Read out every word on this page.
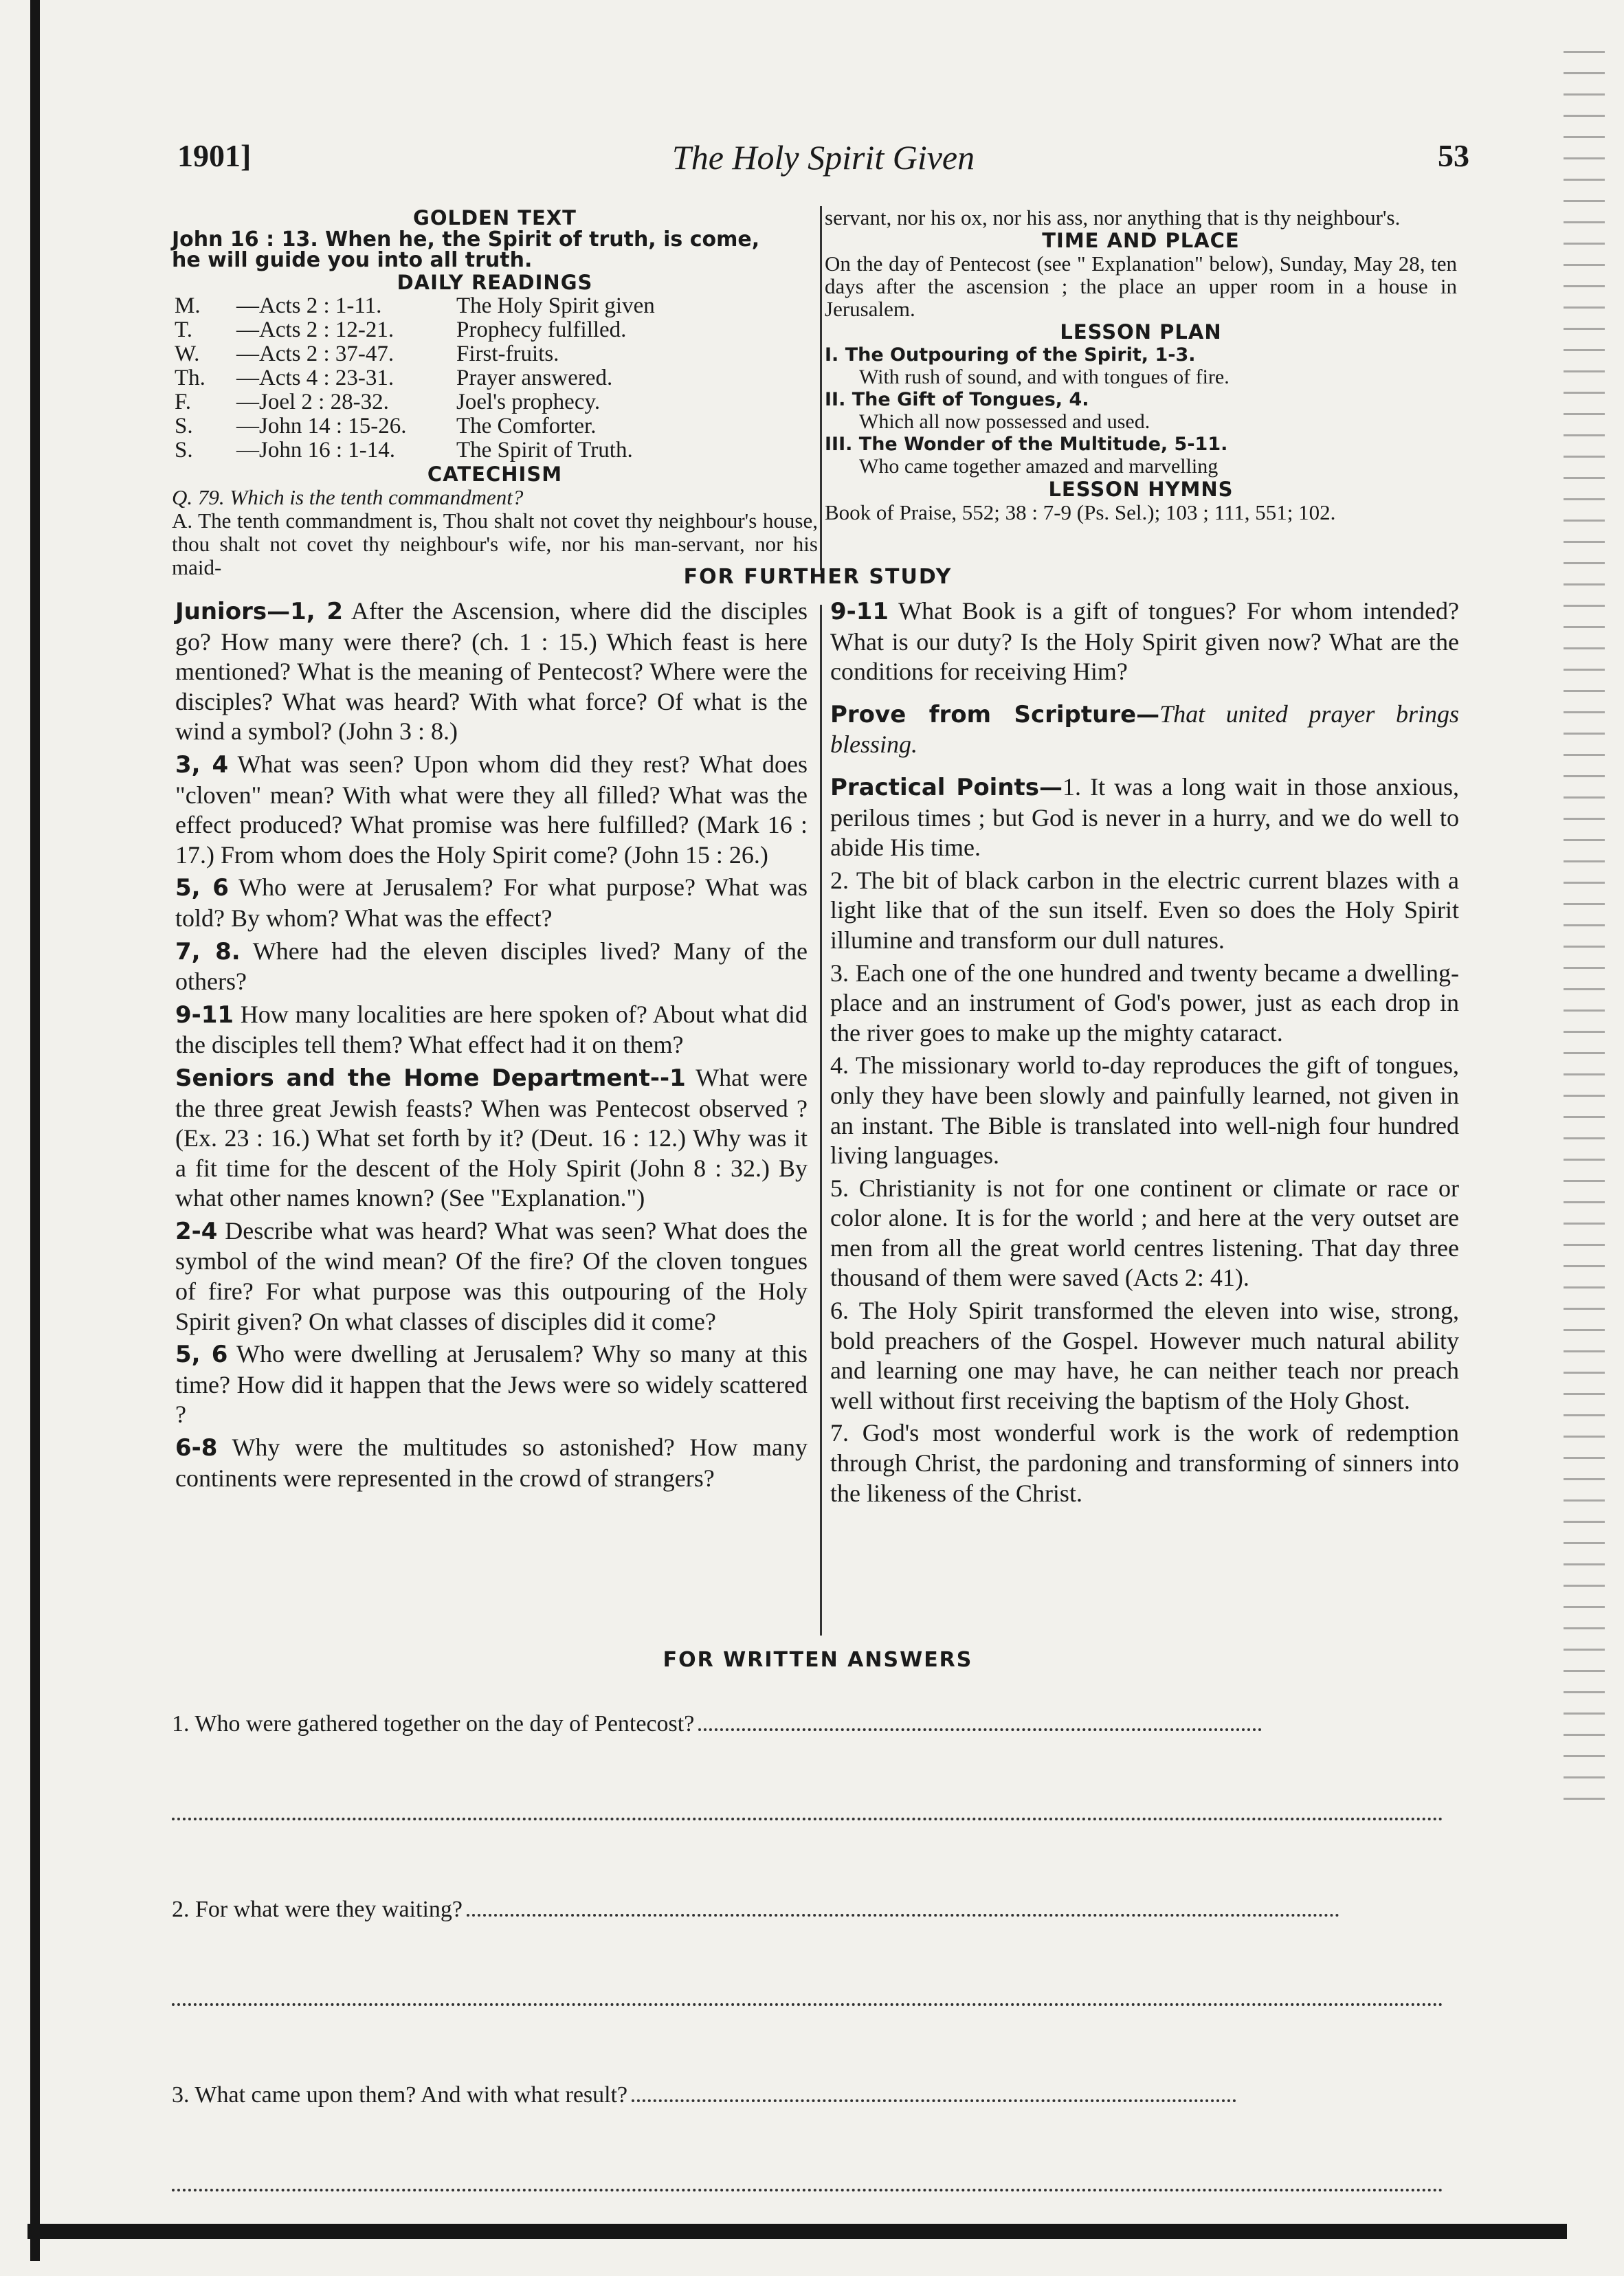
1901]	The Holy Spirit Given	53
GOLDEN TEXT
John 16 : 13. When he, the Spirit of truth, is come,
he will guide you into all truth.
DAILY READINGS
M.	—Acts 2 : 1-11.	The Holy Spirit given
T.	—Acts 2 : 12-21.	Prophecy fulfilled.
W.	—Acts 2 : 37-47.	First-fruits.
Th.	—Acts 4 : 23-31.	Prayer answered.
F.	—Joel 2 : 28-32.	Joel's prophecy.
S.	—John 14 : 15-26.	The Comforter.
S.	—John 16 : 1-14.	The Spirit of Truth.
CATECHISM
Q. 79. Which is the tenth commandment?
A. The tenth commandment is, Thou shalt not covet thy neighbour's house, thou shalt not covet thy neighbour's wife, nor his man-servant, nor his maid-
servant, nor his ox, nor his ass, nor anything that is thy neighbour's.
TIME AND PLACE
On the day of Pentecost (see " Explanation" below), Sunday, May 28, ten days after the ascension ; the place an upper room in a house in Jerusalem.
LESSON PLAN
I. The Outpouring of the Spirit, 1-3.
With rush of sound, and with tongues of fire.
II. The Gift of Tongues, 4.
Which all now possessed and used.
III. The Wonder of the Multitude, 5-11.
Who came together amazed and marvelling
LESSON HYMNS
Book of Praise, 552; 38 : 7-9 (Ps. Sel.); 103 ; 111, 551; 102.
FOR FURTHER STUDY

Juniors—1, 2 After the Ascension, where did the disciples go? How many were there? (ch. 1 : 15.) Which feast is here mentioned? What is the meaning of Pentecost? Where were the disciples? What was heard? With what force? Of what is the wind a symbol? (John 3 : 8.)

3, 4 What was seen? Upon whom did they rest? What does "cloven" mean? With what were they all filled? What was the effect produced? What promise was here fulfilled? (Mark 16 : 17.) From whom does the Holy Spirit come? (John 15 : 26.)

5, 6 Who were at Jerusalem? For what purpose? What was told? By whom? What was the effect?

7, 8. Where had the eleven disciples lived? Many of the others?

9-11 How many localities are here spoken of? About what did the disciples tell them? What effect had it on them?

Seniors and the Home Department--1 What were the three great Jewish feasts? When was Pentecost observed ? (Ex. 23 : 16.) What set forth by it? (Deut. 16 : 12.) Why was it a fit time for the descent of the Holy Spirit (John 8 : 32.) By what other names known? (See "Explanation.")

2-4 Describe what was heard? What was seen? What does the symbol of the wind mean? Of the fire? Of the cloven tongues of fire? For what purpose was this outpouring of the Holy Spirit given? On what classes of disciples did it come?

5, 6 Who were dwelling at Jerusalem? Why so many at this time? How did it happen that the Jews were so widely scattered ?

6-8 Why were the multitudes so astonished? How many continents were represented in the crowd of strangers?

9-11 What Book is a gift of tongues? For whom intended? What is our duty? Is the Holy Spirit given now? What are the conditions for receiving Him?

Prove from Scripture—That united prayer brings blessing.

Practical Points—1. It was a long wait in those anxious, perilous times ; but God is never in a hurry, and we do well to abide His time.

2. The bit of black carbon in the electric current blazes with a light like that of the sun itself. Even so does the Holy Spirit illumine and transform our dull natures.

3. Each one of the one hundred and twenty became a dwelling-place and an instrument of God's power, just as each drop in the river goes to make up the mighty cataract.

4. The missionary world to-day reproduces the gift of tongues, only they have been slowly and painfully learned, not given in an instant. The Bible is translated into well-nigh four hundred living languages.

5. Christianity is not for one continent or climate or race or color alone. It is for the world ; and here at the very outset are men from all the great world centres listening. That day three thousand of them were saved (Acts 2: 41).

6. The Holy Spirit transformed the eleven into wise, strong, bold preachers of the Gospel. However much natural ability and learning one may have, he can neither teach nor preach well without first receiving the baptism of the Holy Ghost.

7. God's most wonderful work is the work of redemption through Christ, the pardoning and transforming of sinners into the likeness of the Christ.

FOR WRITTEN ANSWERS
1. Who were gathered together on the day of Pentecost?
2. For what were they waiting?
3. What came upon them? And with what result?
